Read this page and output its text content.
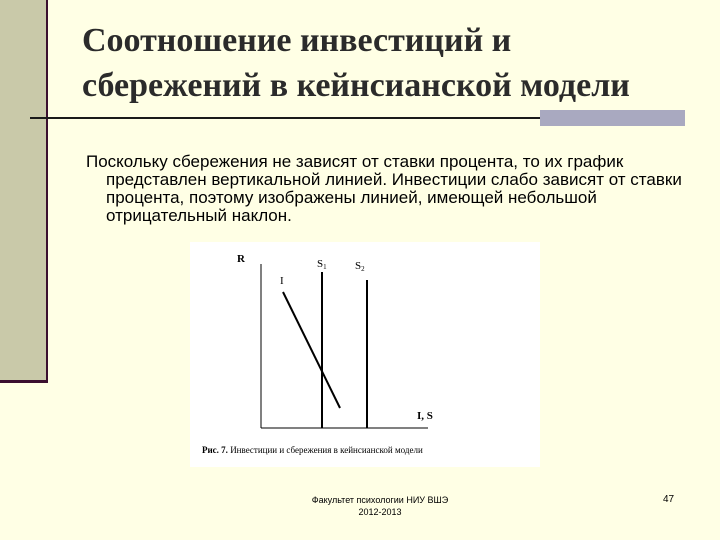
Соотношение инвестиций и
сбережений в кейнсианской модели
Поскольку сбережения не зависят от ставки процента, то их график представлен вертикальной линией. Инвестиции слабо зависят от ставки процента, поэтому изображены линией, имеющей небольшой отрицательный наклон.
R
I, S
I
S1	S2
Рис. 7. Инвестиции и сбережения в кейнсианской модели
Факультет психологии НИУ ВШЭ
2012-2013
47
